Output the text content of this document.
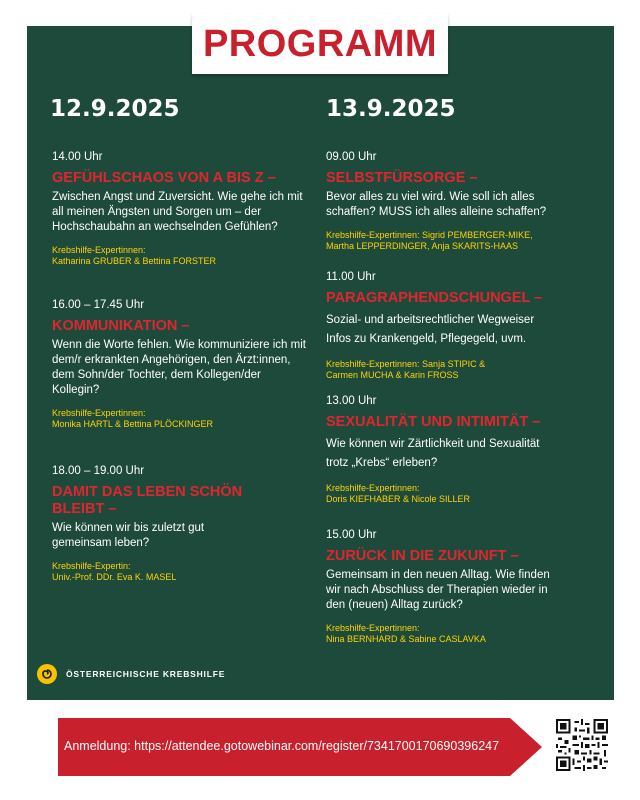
PROGRAMM
12.9.2025
14.00 Uhr
GEFÜHLSCHAOS VON A BIS Z –
Zwischen Angst und Zuversicht. Wie gehe ich mit all meinen Ängsten und Sorgen um – der Hochschaubahn an wechselnden Gefühlen?
Krebshilfe-Expertinnen:
Katharina GRUBER & Bettina FORSTER
16.00 – 17.45 Uhr
KOMMUNIKATION –
Wenn die Worte fehlen. Wie kommuniziere ich mit dem/r erkrankten Angehörigen, den Ärzt:innen, dem Sohn/der Tochter, dem Kollegen/der Kollegin?
Krebshilfe-Expertinnen:
Monika HARTL & Bettina PLÖCKINGER
18.00 – 19.00 Uhr
DAMIT DAS LEBEN SCHÖN BLEIBT –
Wie können wir bis zuletzt gut gemeinsam leben?
Krebshilfe-Expertin:
Univ.-Prof. DDr. Eva K. MASEL
13.9.2025
09.00 Uhr
SELBSTFÜRSORGE –
Bevor alles zu viel wird. Wie soll ich alles schaffen? MUSS ich alles alleine schaffen?
Krebshilfe-Expertinnen: Sigrid PEMBERGER-MIKE,
Martha LEPPERDINGER, Anja SKARITS-HAAS
11.00 Uhr
PARAGRAPHENDSCHUNGEL –
Sozial- und arbeitsrechtlicher Wegweiser Infos zu Krankengeld, Pflegegeld, uvm.
Krebshilfe-Expertinnen: Sanja STIPIC &
Carmen MUCHA & Karin FROSS
13.00 Uhr
SEXUALITÄT UND INTIMITÄT –
Wie können wir Zärtlichkeit und Sexualität trotz „Krebs“ erleben?
Krebshilfe-Expertinnen:
Doris KIEFHABER & Nicole SILLER
15.00 Uhr
ZURÜCK IN DIE ZUKUNFT –
Gemeinsam in den neuen Alltag. Wie finden wir nach Abschluss der Therapien wieder in den (neuen) Alltag zurück?
Krebshilfe-Expertinnen:
Nina BERNHARD & Sabine CASLAVKA
ÖSTERREICHISCHE KREBSHILFE
Anmeldung: https://attendee.gotowebinar.com/register/7341700170690396247
